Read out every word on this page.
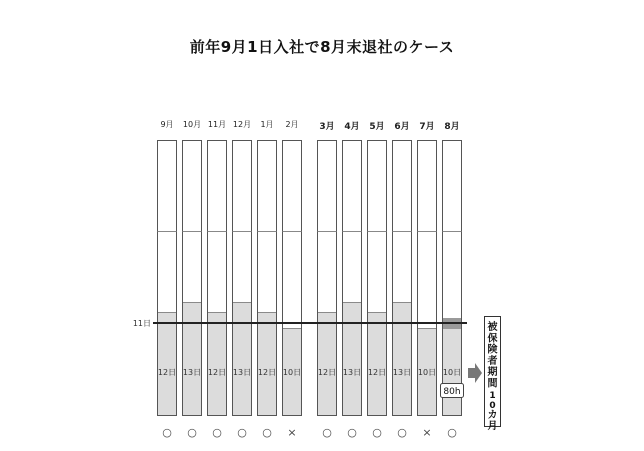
前年9月1日入社で8月末退社のケース
9月
12日
○
10月
13日
○
11月
12日
○
12月
13日
○
1月
12日
○
2月
10日
×
3月
12日
○
4月
13日
○
5月
12日
○
6月
13日
○
7月
10日
×
8月
10日
80h
○
11日	被
保
険
者
期
間
1
0
カ
月
